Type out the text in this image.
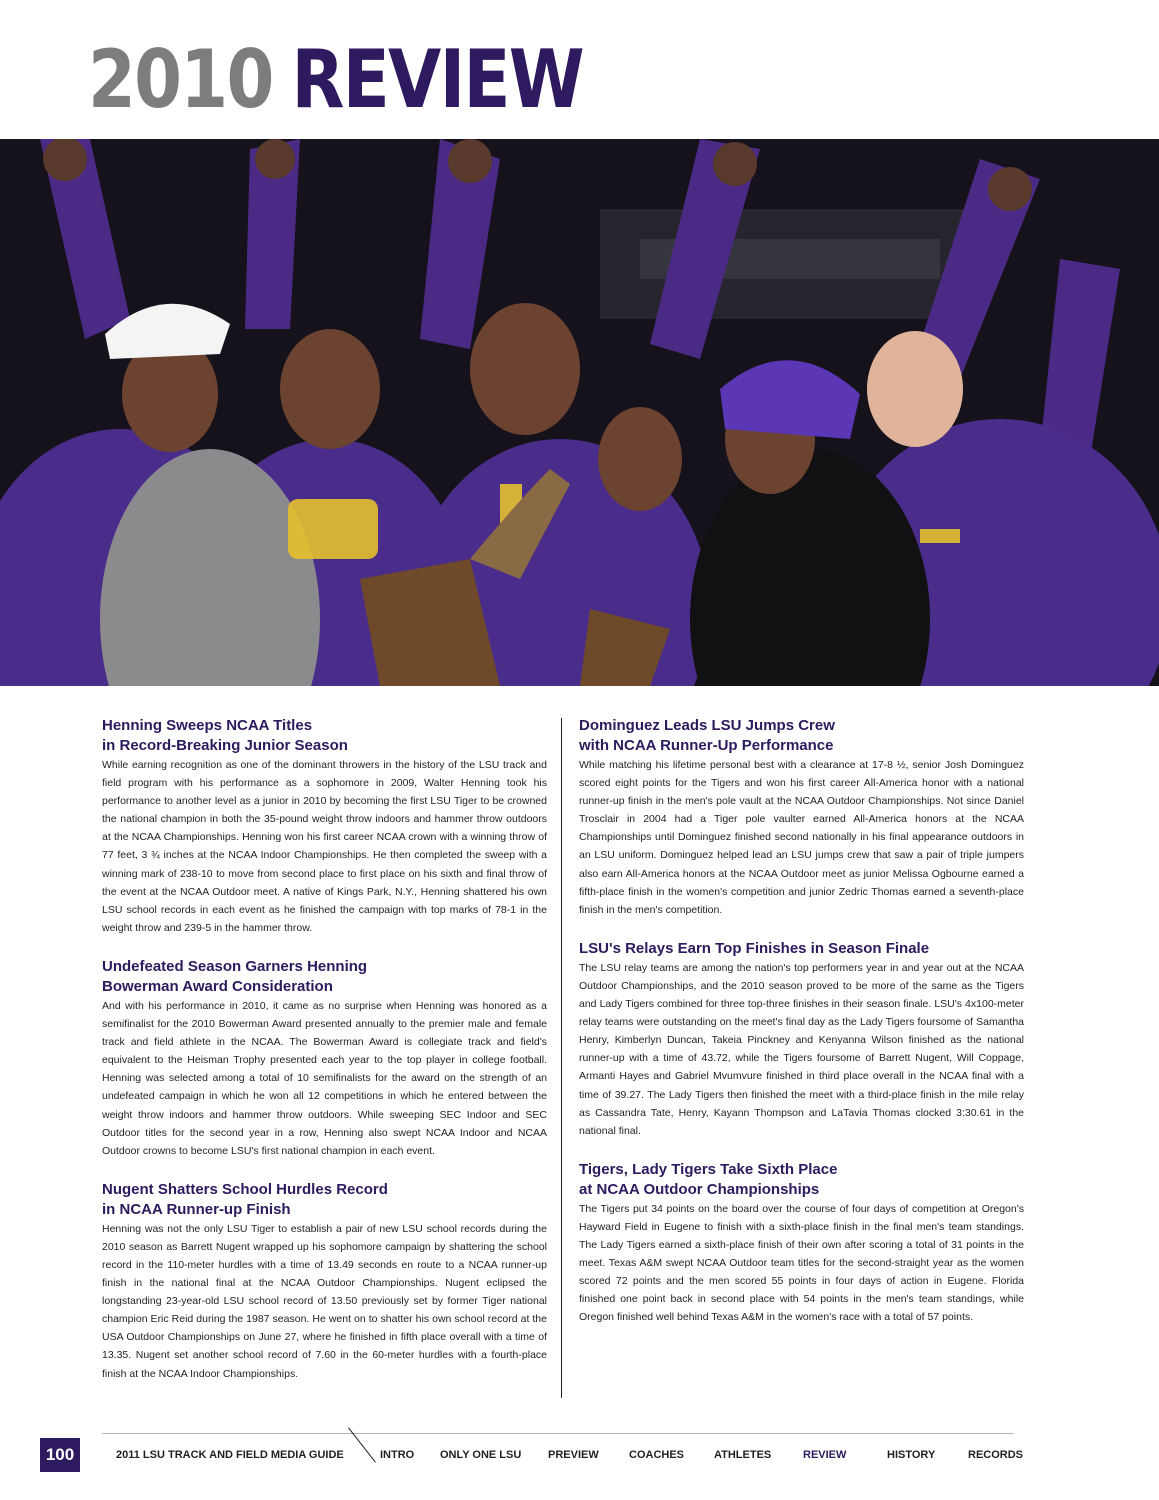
2010 REVIEW
Henning Sweeps NCAA Titles
in Record-Breaking Junior Season

While earning recognition as one of the dominant throwers in the history of the LSU track and field program with his performance as a sophomore in 2009, Walter Henning took his performance to another level as a junior in 2010 by becoming the first LSU Tiger to be crowned the national champion in both the 35-pound weight throw indoors and hammer throw outdoors at the NCAA Championships. Henning won his first career NCAA crown with a winning throw of 77 feet, 3 ¾ inches at the NCAA Indoor Championships. He then completed the sweep with a winning mark of 238-10 to move from second place to first place on his sixth and final throw of the event at the NCAA Outdoor meet. A native of Kings Park, N.Y., Henning shattered his own LSU school records in each event as he finished the campaign with top marks of 78-1 in the weight throw and 239-5 in the hammer throw.

Undefeated Season Garners Henning
Bowerman Award Consideration

And with his performance in 2010, it came as no surprise when Henning was honored as a semifinalist for the 2010 Bowerman Award presented annually to the premier male and female track and field athlete in the NCAA. The Bowerman Award is collegiate track and field's equivalent to the Heisman Trophy presented each year to the top player in college football. Henning was selected among a total of 10 semifinalists for the award on the strength of an undefeated campaign in which he won all 12 competitions in which he entered between the weight throw indoors and hammer throw outdoors. While sweeping SEC Indoor and SEC Outdoor titles for the second year in a row, Henning also swept NCAA Indoor and NCAA Outdoor crowns to become LSU's first national champion in each event.

Nugent Shatters School Hurdles Record
in NCAA Runner-up Finish

Henning was not the only LSU Tiger to establish a pair of new LSU school records during the 2010 season as Barrett Nugent wrapped up his sophomore campaign by shattering the school record in the 110-meter hurdles with a time of 13.49 seconds en route to a NCAA runner-up finish in the national final at the NCAA Outdoor Championships. Nugent eclipsed the longstanding 23-year-old LSU school record of 13.50 previously set by former Tiger national champion Eric Reid during the 1987 season. He went on to shatter his own school record at the USA Outdoor Championships on June 27, where he finished in fifth place overall with a time of 13.35. Nugent set another school record of 7.60 in the 60-meter hurdles with a fourth-place finish at the NCAA Indoor Championships.

Dominguez Leads LSU Jumps Crew
with NCAA Runner-Up Performance

While matching his lifetime personal best with a clearance at 17-8 ½, senior Josh Dominguez scored eight points for the Tigers and won his first career All-America honor with a national runner-up finish in the men's pole vault at the NCAA Outdoor Championships. Not since Daniel Trosclair in 2004 had a Tiger pole vaulter earned All-America honors at the NCAA Championships until Dominguez finished second nationally in his final appearance outdoors in an LSU uniform. Dominguez helped lead an LSU jumps crew that saw a pair of triple jumpers also earn All-America honors at the NCAA Outdoor meet as junior Melissa Ogbourne earned a fifth-place finish in the women's competition and junior Zedric Thomas earned a seventh-place finish in the men's competition.

LSU's Relays Earn Top Finishes in Season Finale

The LSU relay teams are among the nation's top performers year in and year out at the NCAA Outdoor Championships, and the 2010 season proved to be more of the same as the Tigers and Lady Tigers combined for three top-three finishes in their season finale. LSU's 4x100-meter relay teams were outstanding on the meet's final day as the Lady Tigers foursome of Samantha Henry, Kimberlyn Duncan, Takeia Pinckney and Kenyanna Wilson finished as the national runner-up with a time of 43.72, while the Tigers foursome of Barrett Nugent, Will Coppage, Armanti Hayes and Gabriel Mvumvure finished in third place overall in the NCAA final with a time of 39.27. The Lady Tigers then finished the meet with a third-place finish in the mile relay as Cassandra Tate, Henry, Kayann Thompson and LaTavia Thomas clocked 3:30.61 in the national final.

Tigers, Lady Tigers Take Sixth Place
at NCAA Outdoor Championships

The Tigers put 34 points on the board over the course of four days of competition at Oregon's Hayward Field in Eugene to finish with a sixth-place finish in the final men's team standings. The Lady Tigers earned a sixth-place finish of their own after scoring a total of 31 points in the meet. Texas A&M swept NCAA Outdoor team titles for the second-straight year as the women scored 72 points and the men scored 55 points in four days of action in Eugene. Florida finished one point back in second place with 54 points in the men's team standings, while Oregon finished well behind Texas A&M in the women's race with a total of 57 points.

100	2011 LSU TRACK AND FIELD MEDIA GUIDE	INTRO ONLY ONE LSU PREVIEW	COACHES	ATHLETES	REVIEW	HISTORY	RECORDS
